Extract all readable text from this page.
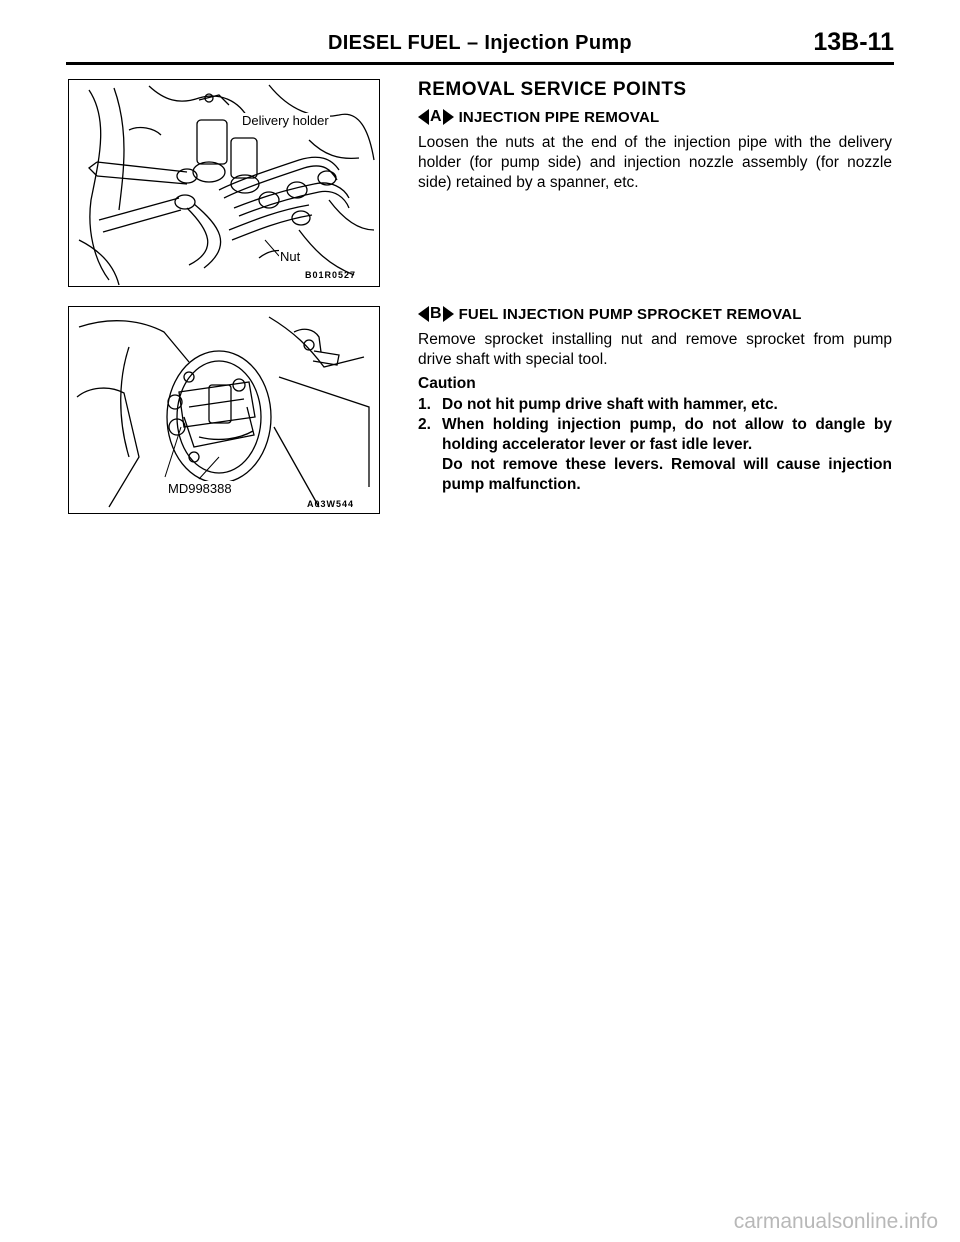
DIESEL FUEL – Injection Pump	13B-11
Delivery holder
Nut
B01R0527
MD998388
A03W544
REMOVAL SERVICE POINTS
A INJECTION PIPE REMOVAL
Loosen the nuts at the end of the injection pipe with the delivery holder (for pump side) and injection nozzle assembly (for nozzle side) retained by a spanner, etc.
B FUEL INJECTION PUMP SPROCKET REMOVAL
Remove sprocket installing nut and remove sprocket from pump drive shaft with special tool.
Caution
1. Do not hit pump drive shaft with hammer, etc.

2. When holding injection pump, do not allow to dangle by holding accelerator lever or fast idle lever.

Do not remove these levers. Removal will cause injection pump malfunction.

carmanualsonline.info
